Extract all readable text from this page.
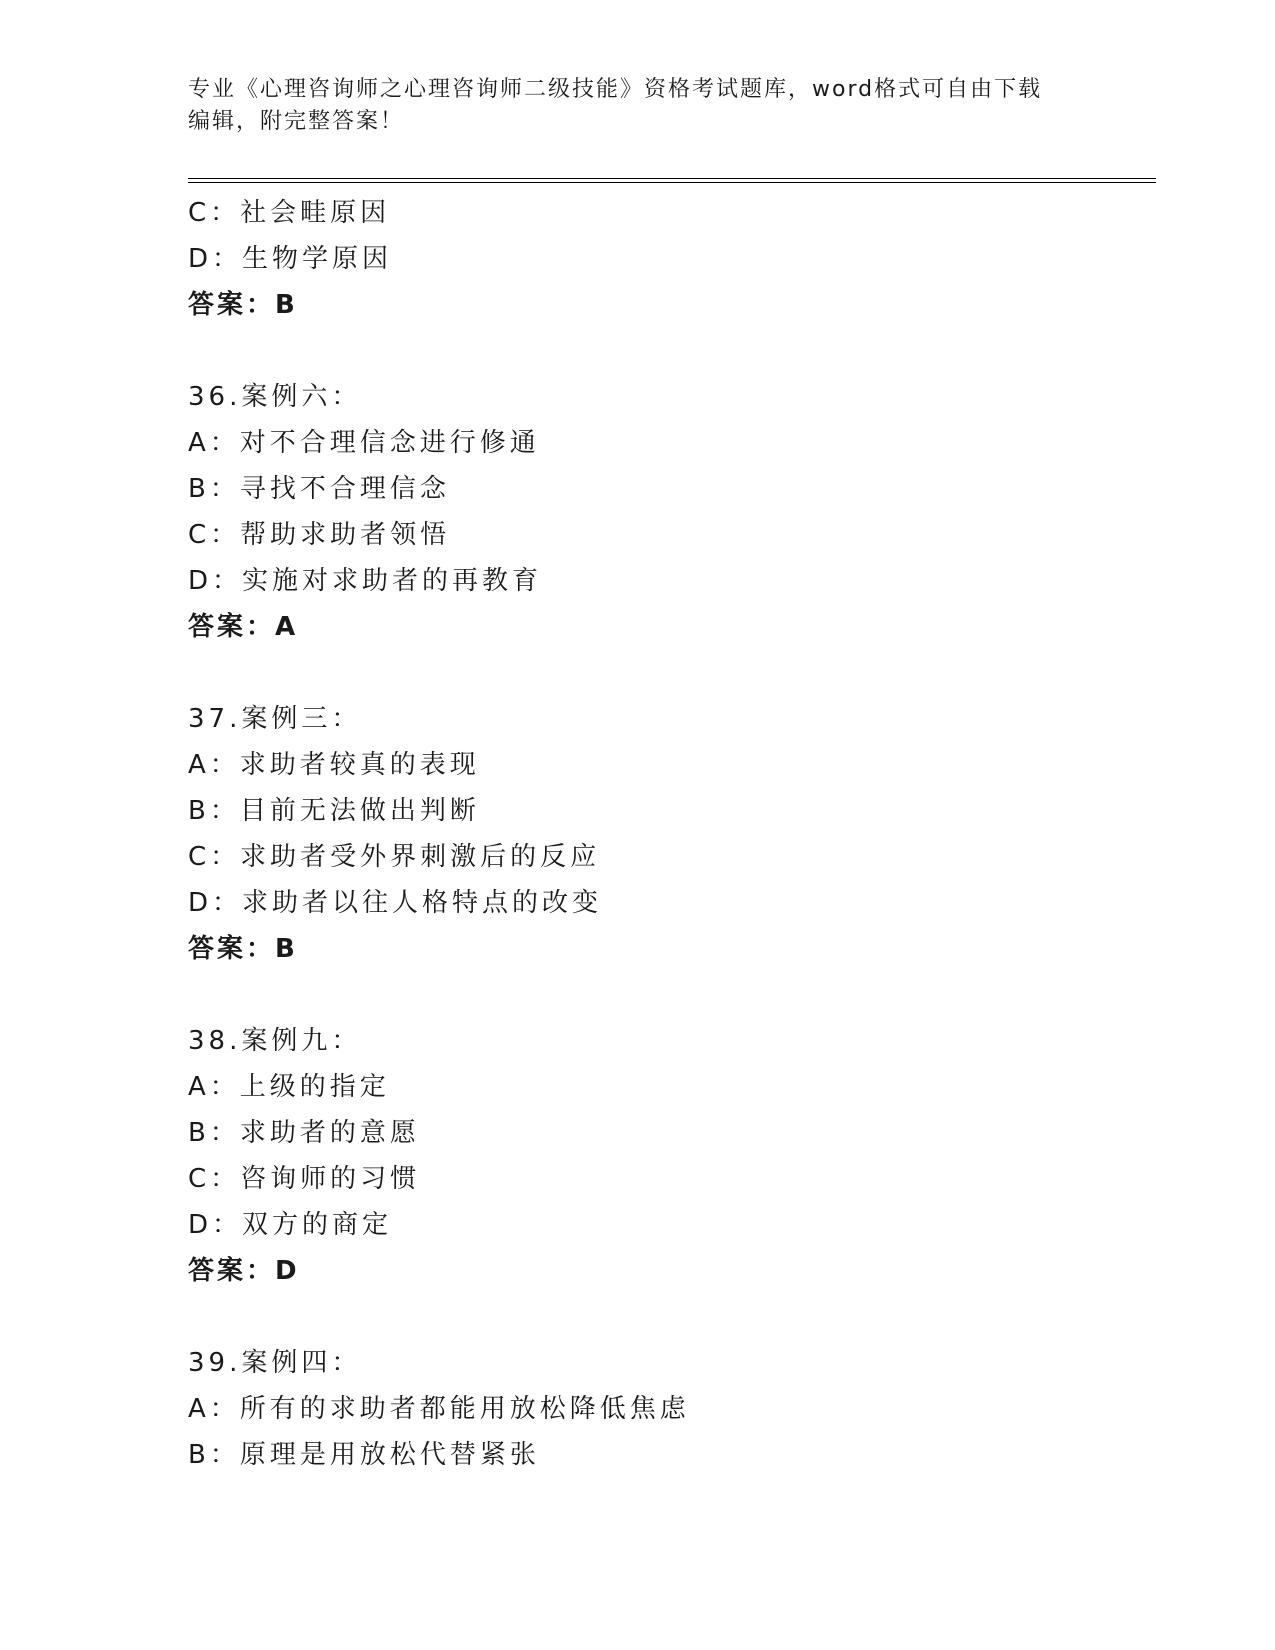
专业《心理咨询师之心理咨询师二级技能》资格考试题库，word格式可自由下载
编辑，附完整答案！
C：社会畦原因
D：生物学原因
答案：B
36.案例六：
A：对不合理信念进行修通
B：寻找不合理信念
C：帮助求助者领悟
D：实施对求助者的再教育
答案：A
37.案例三：
A：求助者较真的表现
B：目前无法做出判断
C：求助者受外界刺激后的反应
D：求助者以往人格特点的改变
答案：B
38.案例九：
A：上级的指定
B：求助者的意愿
C：咨询师的习惯
D：双方的商定
答案：D
39.案例四：
A：所有的求助者都能用放松降低焦虑
B：原理是用放松代替紧张
